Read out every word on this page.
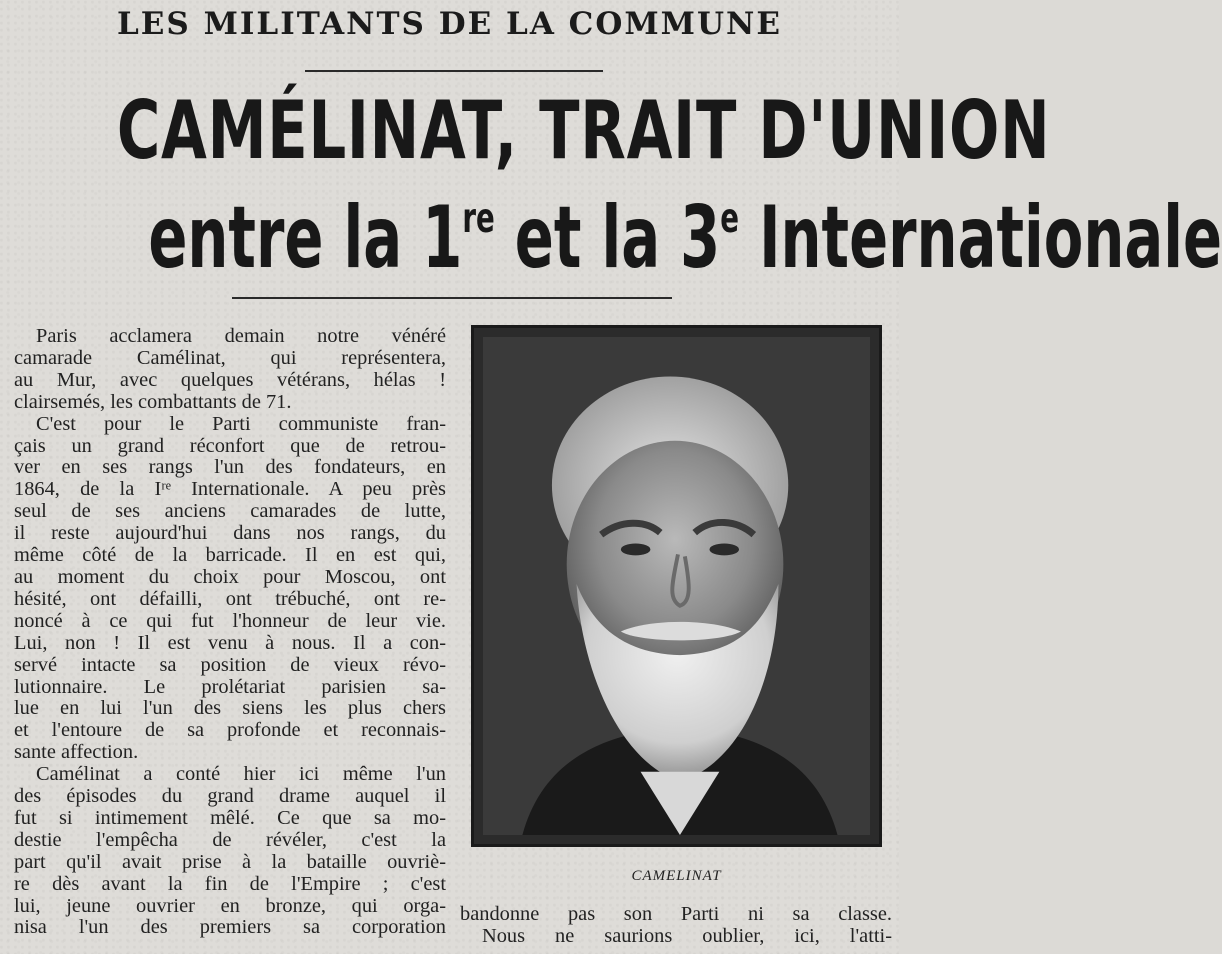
LES MILITANTS DE LA COMMUNE
CAMÉLINAT, TRAIT D'UNION
entre la 1re et la 3e Internationale

Paris acclamera demain notre vénéré
camarade Camélinat, qui représentera,
au Mur, avec quelques vétérans, hélas !
clairsemés, les combattants de 71.
C'est pour le Parti communiste fran-
çais un grand réconfort que de retrou-
ver en ses rangs l'un des fondateurs, en
1864, de la Iʳᵉ Internationale. A peu près
seul de ses anciens camarades de lutte,
il reste aujourd'hui dans nos rangs, du
même côté de la barricade. Il en est qui,
au moment du choix pour Moscou, ont
hésité, ont défailli, ont trébuché, ont re-
noncé à ce qui fut l'honneur de leur vie.
Lui, non ! Il est venu à nous. Il a con-
servé intacte sa position de vieux révo-
lutionnaire. Le prolétariat parisien sa-
lue en lui l'un des siens les plus chers
et l'entoure de sa profonde et reconnais-
sante affection.
Camélinat a conté hier ici même l'un
des épisodes du grand drame auquel il
fut si intimement mêlé. Ce que sa mo-
destie l'empêcha de révéler, c'est la
part qu'il avait prise à la bataille ouvriè-
re dès avant la fin de l'Empire ; c'est
lui, jeune ouvrier en bronze, qui orga-
nisa l'un des premiers sa corporation

CAMELINAT
bandonne pas son Parti ni sa classe.
Nous ne saurions oublier, ici, l'atti-
